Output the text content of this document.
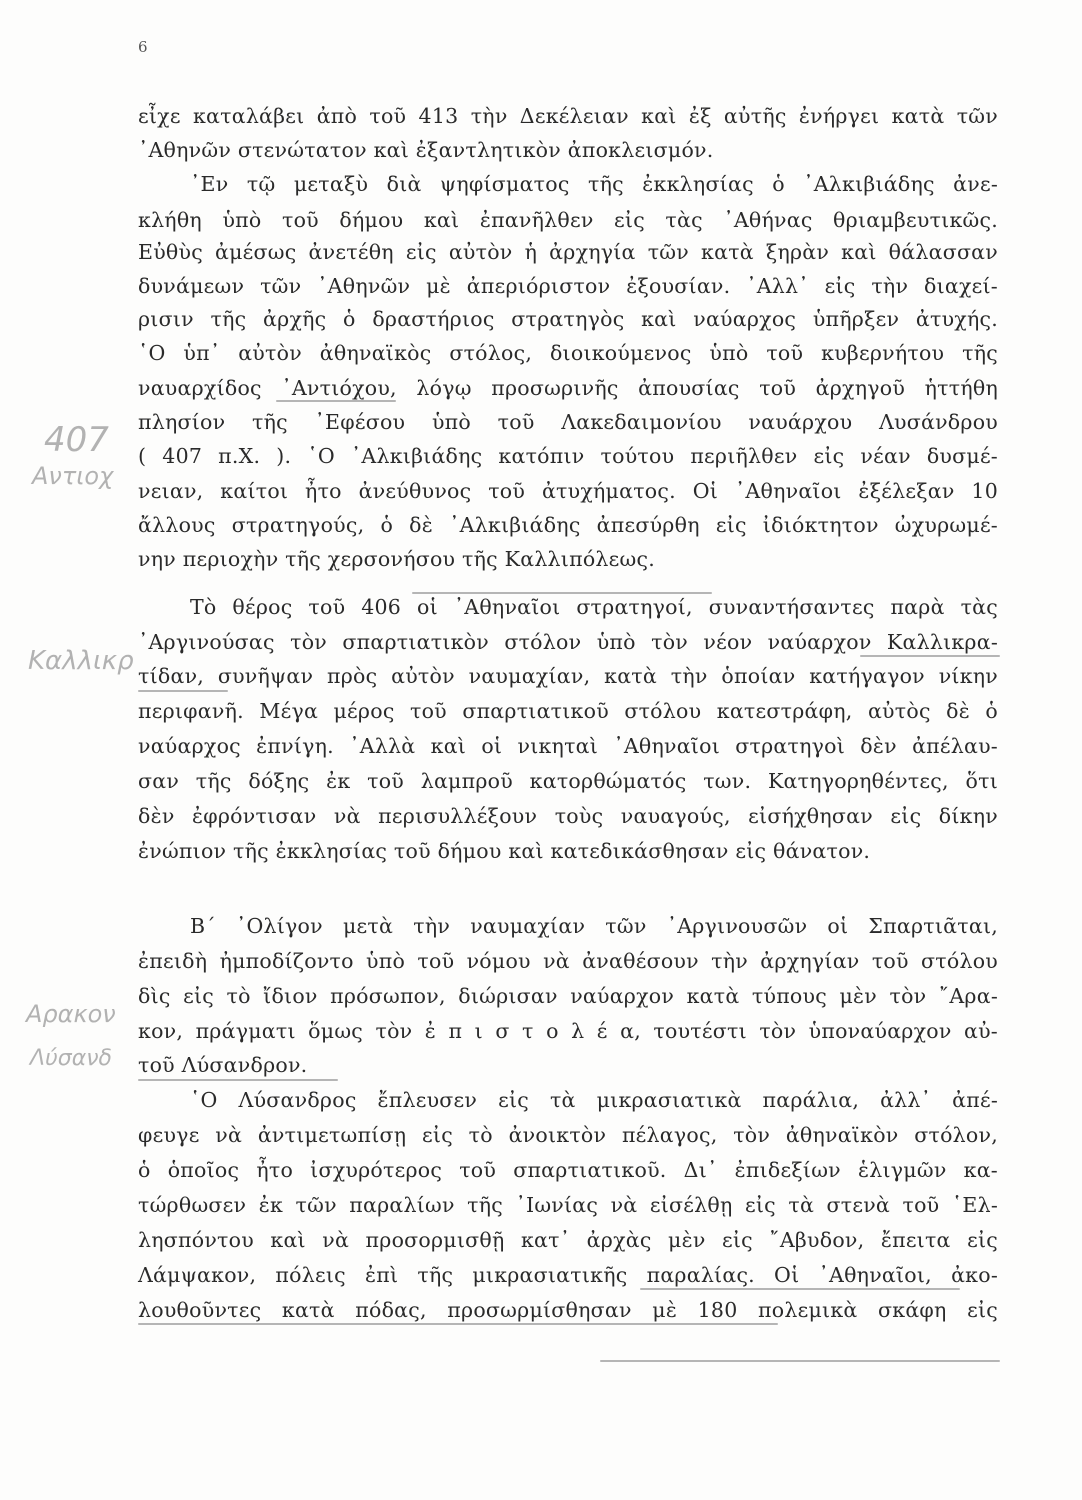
6
εἶχε καταλάβει ἀπὸ τοῦ 413 τὴν Δεκέλειαν καὶ ἐξ αὐτῆς ἐνήργει κατὰ τῶν
᾿Αθηνῶν στενώτατον καὶ ἐξαντλητικὸν ἀποκλεισμόν.
᾿Εν τῷ μεταξὺ διὰ ψηφίσματος τῆς ἐκκλησίας ὁ ᾿Αλκιβιάδης ἀνε-
κλήθη ὑπὸ τοῦ δήμου καὶ ἐπανῆλθεν εἰς τὰς ᾿Αθήνας θριαμβευτικῶς.
Εὐθὺς ἀμέσως ἀνετέθη εἰς αὐτὸν ἡ ἀρχηγία τῶν κατὰ ξηρὰν καὶ θάλασσαν
δυνάμεων τῶν ᾿Αθηνῶν μὲ ἀπεριόριστον ἐξουσίαν. ᾿Αλλ᾿ εἰς τὴν διαχεί-
ρισιν τῆς ἀρχῆς ὁ δραστήριος στρατηγὸς καὶ ναύαρχος ὑπῆρξεν ἀτυχής.
῾Ο ὑπ᾿ αὐτὸν ἀθηναϊκὸς στόλος, διοικούμενος ὑπὸ τοῦ κυβερνήτου τῆς
ναυαρχίδος ᾿Αντιόχου, λόγῳ προσωρινῆς ἀπουσίας τοῦ ἀρχηγοῦ ἡττήθη
πλησίον τῆς ᾿Εφέσου ὑπὸ τοῦ Λακεδαιμονίου ναυάρχου Λυσάνδρου
( 407 π.Χ. ). ῾Ο ᾿Αλκιβιάδης κατόπιν τούτου περιῆλθεν εἰς νέαν δυσμέ-
νειαν, καίτοι ἦτο ἀνεύθυνος τοῦ ἀτυχήματος. Οἱ ᾿Αθηναῖοι ἐξέλεξαν 10
ἄλλους στρατηγούς, ὁ δὲ ᾿Αλκιβιάδης ἀπεσύρθη εἰς ἰδιόκτητον ὠχυρωμέ-
νην περιοχὴν τῆς χερσονήσου τῆς Καλλιπόλεως.
Τὸ θέρος τοῦ 406 οἱ ᾿Αθηναῖοι στρατηγοί, συναντήσαντες παρὰ τὰς
᾿Αργινούσας τὸν σπαρτιατικὸν στόλον ὑπὸ τὸν νέον ναύαρχον Καλλικρα-
τίδαν, συνῆψαν πρὸς αὐτὸν ναυμαχίαν, κατὰ τὴν ὁποίαν κατήγαγον νίκην
περιφανῆ. Μέγα μέρος τοῦ σπαρτιατικοῦ στόλου κατεστράφη, αὐτὸς δὲ ὁ
ναύαρχος ἐπνίγη. ᾿Αλλὰ καὶ οἱ νικηταὶ ᾿Αθηναῖοι στρατηγοὶ δὲν ἀπέλαυ-
σαν τῆς δόξης ἐκ τοῦ λαμπροῦ κατορθώματός των. Κατηγορηθέντες, ὅτι
δὲν ἐφρόντισαν νὰ περισυλλέξουν τοὺς ναυαγούς, εἰσήχθησαν εἰς δίκην
ἐνώπιον τῆς ἐκκλησίας τοῦ δήμου καὶ κατεδικάσθησαν εἰς θάνατον.
Β΄ ᾿Ολίγον μετὰ τὴν ναυμαχίαν τῶν ᾿Αργινουσῶν οἱ Σπαρτιᾶται,
ἐπειδὴ ἠμποδίζοντο ὑπὸ τοῦ νόμου νὰ ἀναθέσουν τὴν ἀρχηγίαν τοῦ στόλου
δὶς εἰς τὸ ἴδιον πρόσωπον, διώρισαν ναύαρχον κατὰ τύπους μὲν τὸν ῎Αρα-
κον, πράγματι ὅμως τὸν ἐ π ι σ τ ο λ έ α, τουτέστι τὸν ὑποναύαρχον αὐ-
τοῦ Λύσανδρον.
῾Ο Λύσανδρος ἔπλευσεν εἰς τὰ μικρασιατικὰ παράλια, ἀλλ᾿ ἀπέ-
φευγε νὰ ἀντιμετωπίσῃ εἰς τὸ ἀνοικτὸν πέλαγος, τὸν ἀθηναϊκὸν στόλον,
ὁ ὁποῖος ἦτο ἰσχυρότερος τοῦ σπαρτιατικοῦ. Δι᾿ ἐπιδεξίων ἑλιγμῶν κα-
τώρθωσεν ἐκ τῶν παραλίων τῆς ᾿Ιωνίας νὰ εἰσέλθῃ εἰς τὰ στενὰ τοῦ ῾Ελ-
λησπόντου καὶ νὰ προσορμισθῇ κατ᾿ ἀρχὰς μὲν εἰς ῎Αβυδον, ἔπειτα εἰς
Λάμψακον, πόλεις ἐπὶ τῆς μικρασιατικῆς παραλίας. Οἱ ᾿Αθηναῖοι, ἀκο-
λουθοῦντες κατὰ πόδας, προσωρμίσθησαν μὲ 180 πολεμικὰ σκάφη εἰς
407
Αντιοχ
Καλλικρ
Αρακον
Λύσανδ
